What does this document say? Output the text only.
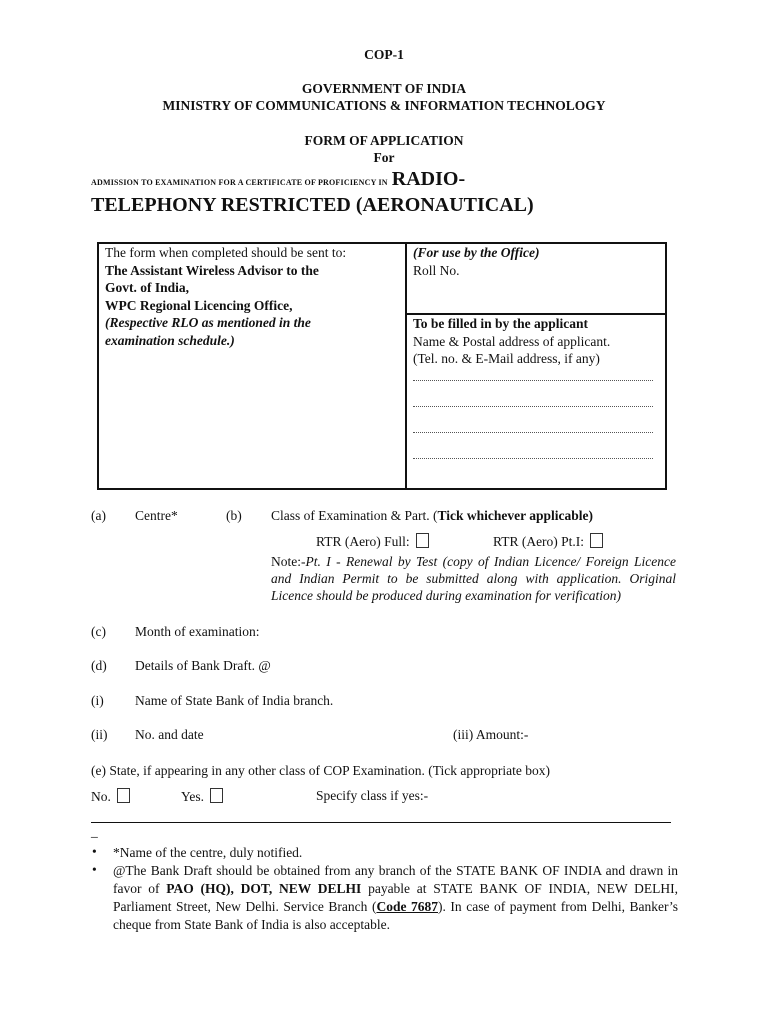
COP-1
GOVERNMENT OF INDIA
MINISTRY OF COMMUNICATIONS & INFORMATION TECHNOLOGY
FORM OF APPLICATION
For
ADMISSION TO EXAMINATION FOR A CERTIFICATE OF PROFICIENCY IN RADIO-
TELEPHONY RESTRICTED (AERONAUTICAL)
The form when completed should be sent to:
The Assistant Wireless Advisor to the
Govt. of India,
WPC Regional Licencing Office,
(Respective RLO as mentioned in the
examination schedule.)
(For use by the Office)
Roll No.
To be filled in by the applicant
Name & Postal address of applicant.
(Tel. no. & E-Mail address, if any)
(a) Centre*	(b) Class of Examination & Part. (Tick whichever applicable)
RTR (Aero) Full:	RTR (Aero) Pt.I:
Note:-Pt. I - Renewal by Test (copy of Indian Licence/ Foreign Licence and Indian Permit to be submitted along with application. Original Licence should be produced during examination for verification)
(c) Month of examination:
(d) Details of Bank Draft. @
(i) Name of State Bank of India branch.
(ii) No. and date	(iii) Amount:-
(e) State, if appearing in any other class of COP Examination. (Tick appropriate box)
No.	Yes.	Specify class if yes:-
_
• *Name of the centre, duly notified.
• @The Bank Draft should be obtained from any branch of the STATE BANK OF INDIA and drawn in favor of PAO (HQ), DOT, NEW DELHI payable at STATE BANK OF INDIA, NEW DELHI, Parliament Street, New Delhi. Service Branch (Code 7687). In case of payment from Delhi, Banker’s cheque from State Bank of India is also acceptable.
